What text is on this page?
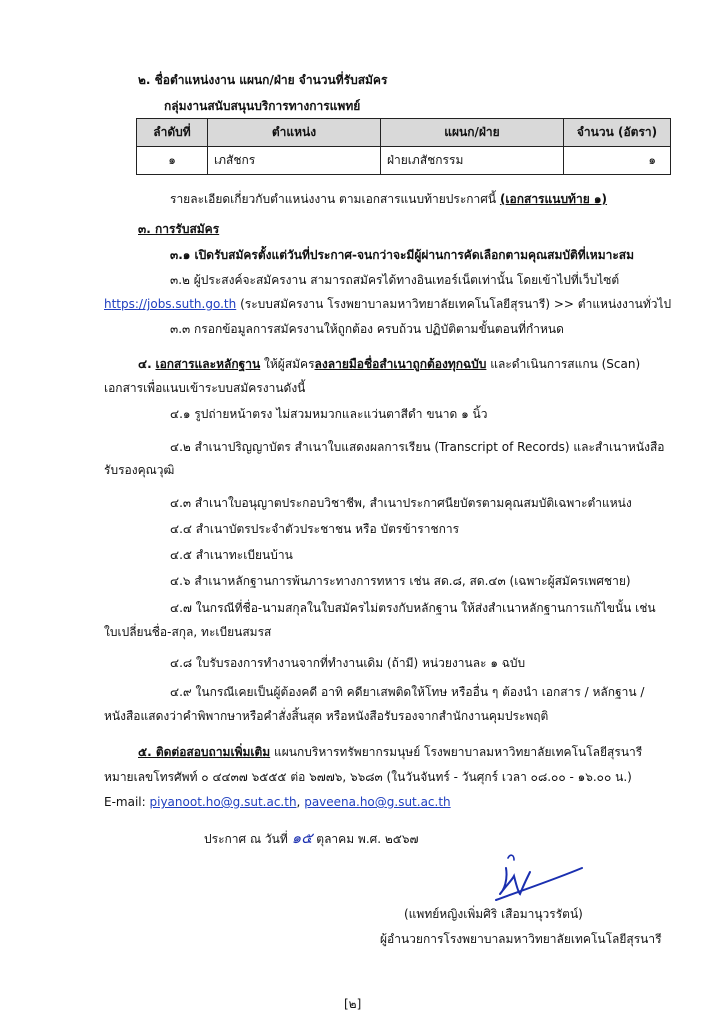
๒. ชื่อตำแหน่งงาน แผนก/ฝ่าย จำนวนที่รับสมัคร
กลุ่มงานสนับสนุนบริการทางการแพทย์
ลำดับที่	ตำแหน่ง	แผนก/ฝ่าย	จำนวน (อัตรา)
๑	เภสัชกร	ฝ่ายเภสัชกรรม	๑
รายละเอียดเกี่ยวกับตำแหน่งงาน ตามเอกสารแนบท้ายประกาศนี้ (เอกสารแนบท้าย ๑)
๓. การรับสมัคร
๓.๑ เปิดรับสมัครตั้งแต่วันที่ประกาศ-จนกว่าจะมีผู้ผ่านการคัดเลือกตามคุณสมบัติที่เหมาะสม
๓.๒ ผู้ประสงค์จะสมัครงาน สามารถสมัครได้ทางอินเทอร์เน็ตเท่านั้น โดยเข้าไปที่เว็บไซต์
https://jobs.suth.go.th (ระบบสมัครงาน โรงพยาบาลมหาวิทยาลัยเทคโนโลยีสุรนารี) >> ตำแหน่งงานทั่วไป
๓.๓ กรอกข้อมูลการสมัครงานให้ถูกต้อง ครบถ้วน ปฏิบัติตามขั้นตอนที่กำหนด
๔. เอกสารและหลักฐาน ให้ผู้สมัครลงลายมือชื่อสำเนาถูกต้องทุกฉบับ และดำเนินการสแกน (Scan)
เอกสารเพื่อแนบเข้าระบบสมัครงานดังนี้
๔.๑ รูปถ่ายหน้าตรง ไม่สวมหมวกและแว่นตาสีดำ ขนาด ๑ นิ้ว
๔.๒ สำเนาปริญญาบัตร สำเนาใบแสดงผลการเรียน (Transcript of Records) และสำเนาหนังสือ
รับรองคุณวุฒิ
๔.๓ สำเนาใบอนุญาตประกอบวิชาชีพ, สำเนาประกาศนียบัตรตามคุณสมบัติเฉพาะตำแหน่ง
๔.๔ สำเนาบัตรประจำตัวประชาชน หรือ บัตรข้าราชการ
๔.๕ สำเนาทะเบียนบ้าน
๔.๖ สำเนาหลักฐานการพ้นภาระทางการทหาร เช่น สด.๘, สด.๔๓ (เฉพาะผู้สมัครเพศชาย)
๔.๗ ในกรณีที่ชื่อ-นามสกุลในใบสมัครไม่ตรงกับหลักฐาน ให้ส่งสำเนาหลักฐานการแก้ไขนั้น เช่น
ใบเปลี่ยนชื่อ-สกุล, ทะเบียนสมรส
๔.๘ ใบรับรองการทำงานจากที่ทำงานเดิม (ถ้ามี) หน่วยงานละ ๑ ฉบับ
๔.๙ ในกรณีเคยเป็นผู้ต้องคดี อาทิ คดียาเสพติดให้โทษ หรืออื่น ๆ ต้องนำ เอกสาร / หลักฐาน /
หนังสือแสดงว่าคำพิพากษาหรือคำสั่งสิ้นสุด หรือหนังสือรับรองจากสำนักงานคุมประพฤติ
๕. ติดต่อสอบถามเพิ่มเติม แผนกบริหารทรัพยากรมนุษย์ โรงพยาบาลมหาวิทยาลัยเทคโนโลยีสุรนารี
หมายเลขโทรศัพท์ ๐ ๔๔๓๗ ๖๕๕๕ ต่อ ๖๗๗๖, ๖๖๘๓ (ในวันจันทร์ - วันศุกร์ เวลา ๐๘.๐๐ - ๑๖.๐๐ น.)
E-mail: piyanoot.ho@g.sut.ac.th, paveena.ho@g.sut.ac.th
ประกาศ ณ วันที่ ๑๕ ตุลาคม พ.ศ. ๒๕๖๗
(แพทย์หญิงเพิ่มศิริ เสือมานุวรรัตน์)
ผู้อำนวยการโรงพยาบาลมหาวิทยาลัยเทคโนโลยีสุรนารี
[๒]
